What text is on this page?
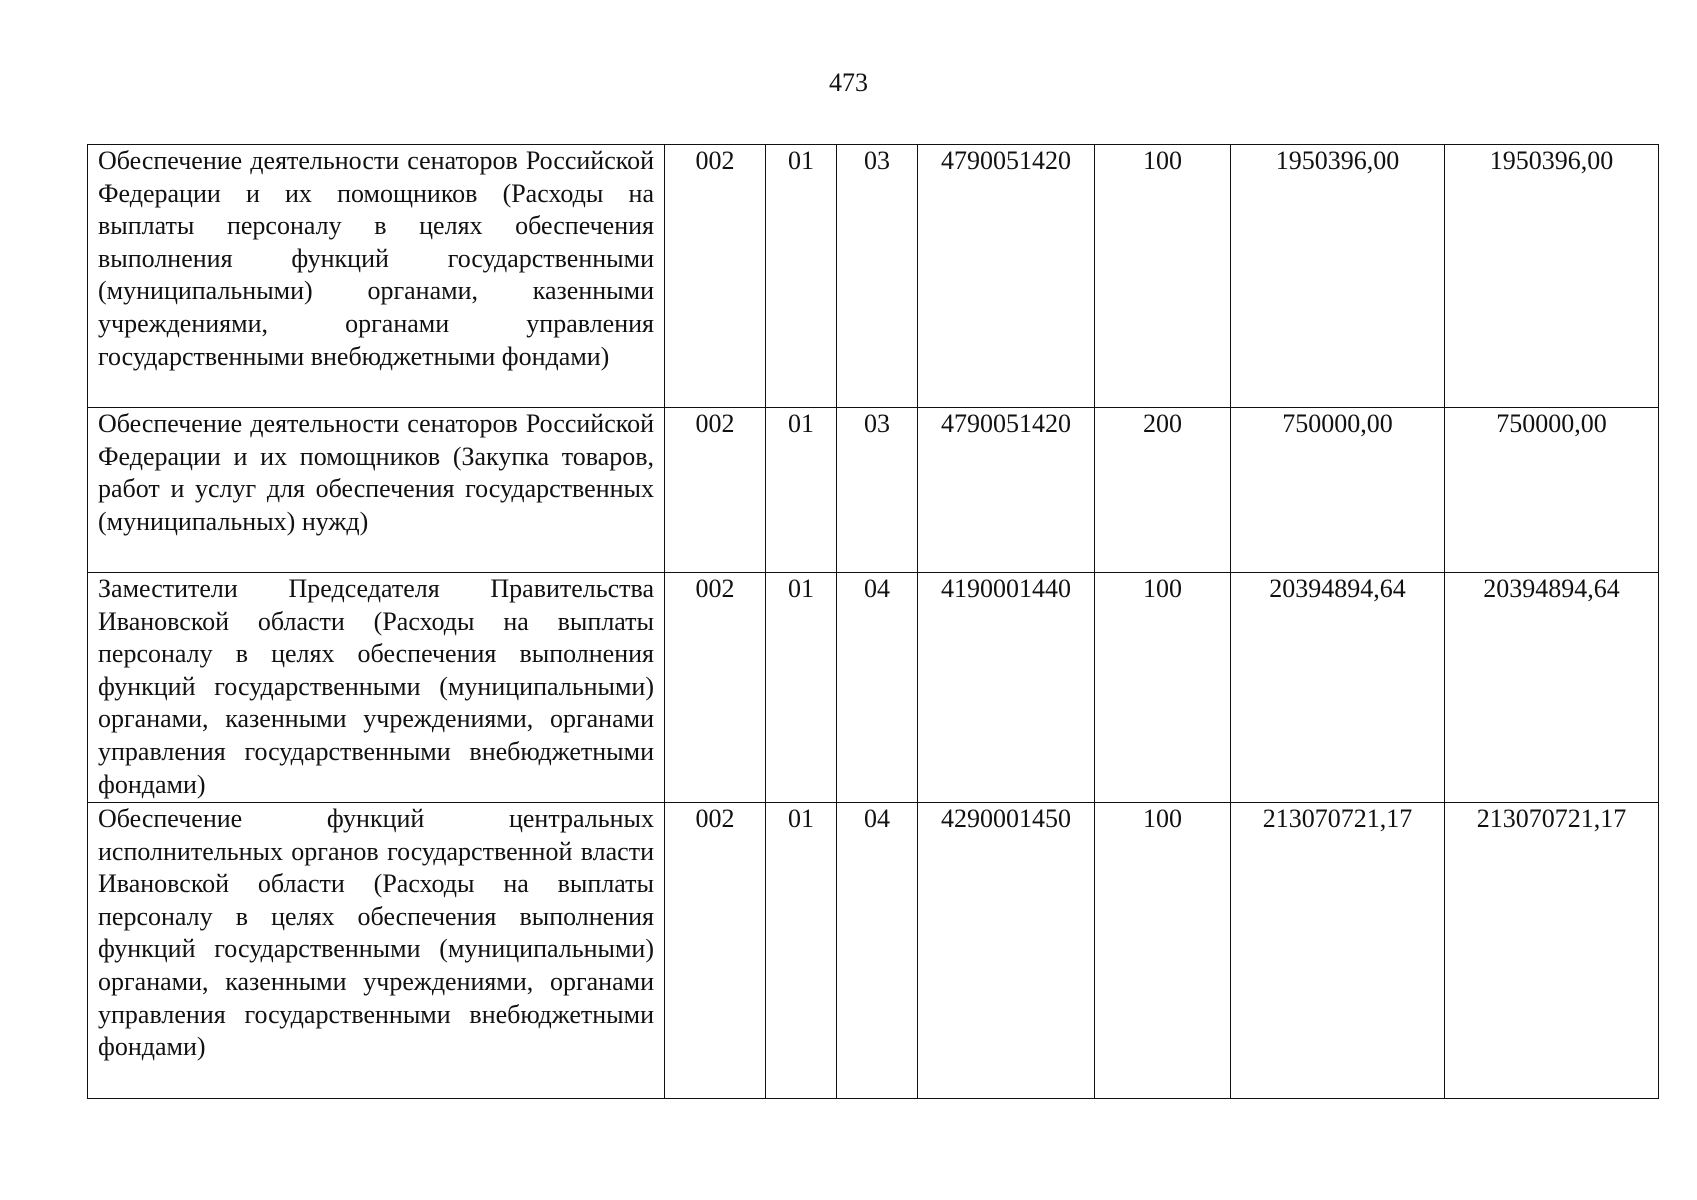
473
Обеспечение деятельности сенаторов Российской Федерации и их помощников (Расходы на выплаты персоналу в целях обеспечения выполнения функций государственными (муниципальными) органами, казенными учреждениями, органами управления государственными внебюджетными фондами)	002	01	03	4790051420	100	1950396,00	1950396,00
Обеспечение деятельности сенаторов Российской Федерации и их помощников (Закупка товаров, работ и услуг для обеспечения государственных (муниципальных) нужд)	002	01	03	4790051420	200	750000,00	750000,00
Заместители Председателя Правительства Ивановской области (Расходы на выплаты персоналу в целях обеспечения выполнения функций государственными (муниципальными) органами, казенными учреждениями, органами управления государственными внебюджетными фондами)	002	01	04	4190001440	100	20394894,64	20394894,64
Обеспечение функций центральных исполнительных органов государственной власти Ивановской области (Расходы на выплаты персоналу в целях обеспечения выполнения функций государственными (муниципальными) органами, казенными учреждениями, органами управления государственными внебюджетными фондами)	002	01	04	4290001450	100	213070721,17	213070721,17
